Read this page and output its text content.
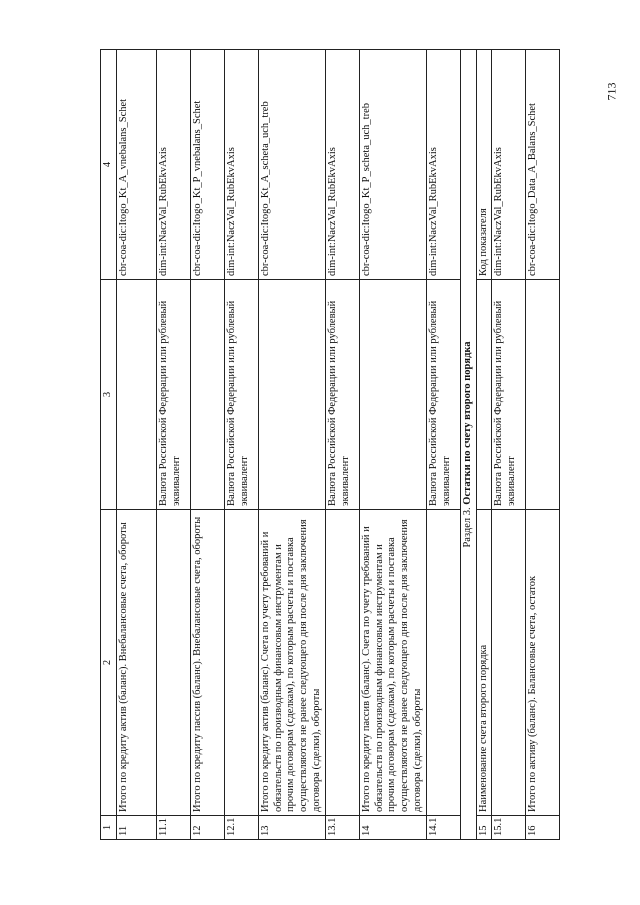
713
1	2	3	4
11	Итого по кредиту актив (баланс). Внебалансовые счета, обороты		cbr-coa-dic:Itogo_Kt_A_vnebalans_Schet
11.1		Валюта Российской Федерации или рублевый эквивалент	dim-int:NaczVal_RubEkvAxis
12	Итого по кредиту пассив (баланс). Внебалансовые счета, обороты		cbr-coa-dic:Itogo_Kt_P_vnebalans_Schet
12.1		Валюта Российской Федерации или рублевый эквивалент	dim-int:NaczVal_RubEkvAxis
13	Итого по кредиту актив (баланс). Счета по учету требований и обязательств по производным финансовым инструментам и прочим договорам (сделкам), по которым расчеты и поставка осуществляются не ранее следующего дня после дня заключения договора (сделки), обороты		cbr-coa-dic:Itogo_Kt_A_scheta_uch_treb
13.1		Валюта Российской Федерации или рублевый эквивалент	dim-int:NaczVal_RubEkvAxis
14	Итого по кредиту пассив (баланс). Счета по учету требований и обязательств по производным финансовым инструментам и прочим договорам (сделкам), по которым расчеты и поставка осуществляются не ранее следующего дня после дня заключения договора (сделки), обороты		cbr-coa-dic:Itogo_Kt_P_scheta_uch_treb
14.1		Валюта Российской Федерации или рублевый эквивалент	dim-int:NaczVal_RubEkvAxis
Раздел 3. Остатки по счету второго порядка			
15	Наименование счета второго порядка		Код показателя
15.1		Валюта Российской Федерации или рублевый эквивалент	dim-int:NaczVal_RubEkvAxis
16	Итого по активу (баланс). Балансовые счета, остаток		cbr-coa-dic:Itogo_Data_A_Balans_Schet
